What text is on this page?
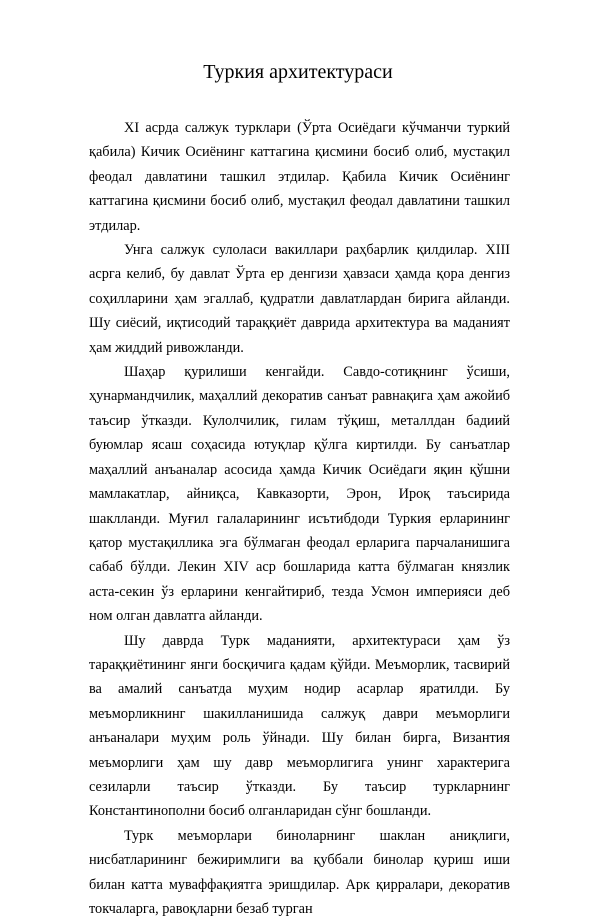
Туркия архитектураси

XI асрда салжук турклари (Ўрта Осиёдаги кўчманчи туркий қабила) Кичик Осиёнинг каттагина қисмини босиб олиб, мустақил феодал давлатини ташкил этдилар. Қабила Кичик Осиёнинг каттагина қисмини босиб олиб, мустақил феодал давлатини ташкил этдилар.

Унга салжук сулоласи вакиллари раҳбарлик қилдилар. XIII асрга келиб, бу давлат Ўрта ер денгизи ҳавзаси ҳамда қора денгиз соҳилларини ҳам эгаллаб, қудратли давлатлардан бирига айланди. Шу сиёсий, иқтисодий тараққиёт даврида архитектура ва маданият ҳам жиддий ривожланди.

Шаҳар қурилиши кенгайди. Савдо-сотиқнинг ўсиши, ҳунармандчилик, маҳаллий декоратив санъат равнақига ҳам ажойиб таъсир ўтказди. Кулолчилик, гилам тўқиш, металлдан бадиий буюмлар ясаш соҳасида ютуқлар қўлга киртилди. Бу санъатлар маҳаллий анъаналар асосида ҳамда Кичик Осиёдаги яқин қўшни мамлакатлар, айниқса, Кавказорти, Эрон, Ироқ таъсирида шаклланди. Муғил галаларининг исътибдоди Туркия ерларининг қатор мустақиллика эга бўлмаган феодал ерларига парчаланишига сабаб бўлди. Лекин XIV аср бошларида катта бўлмаган князлик аста-секин ўз ерларини кенгайтириб, тезда Усмон империяси деб ном олган давлатга айланди.

Шу даврда Турк маданияти, архитектураси ҳам ўз тараққиётининг янги босқичига қадам қўйди. Меъморлик, тасвирий ва амалий санъатда муҳим нодир асарлар яратилди. Бу меъморликнинг шакилланишида салжуқ даври меъморлиги анъаналари муҳим роль ўйнади. Шу билан бирга, Византия меъморлиги ҳам шу давр меъморлигига унинг характерига сезиларли таъсир ўтказди. Бу таъсир туркларнинг Константинополни босиб олганларидан сўнг бошланди.

Турк меъморлари биноларнинг шаклан аниқлиги, нисбатларининг бежиримлиги ва қуббали бинолар қуриш иши билан катта муваффақиятга эришдилар. Арк қирралари, декоратив токчаларга, равоқларни безаб турган
